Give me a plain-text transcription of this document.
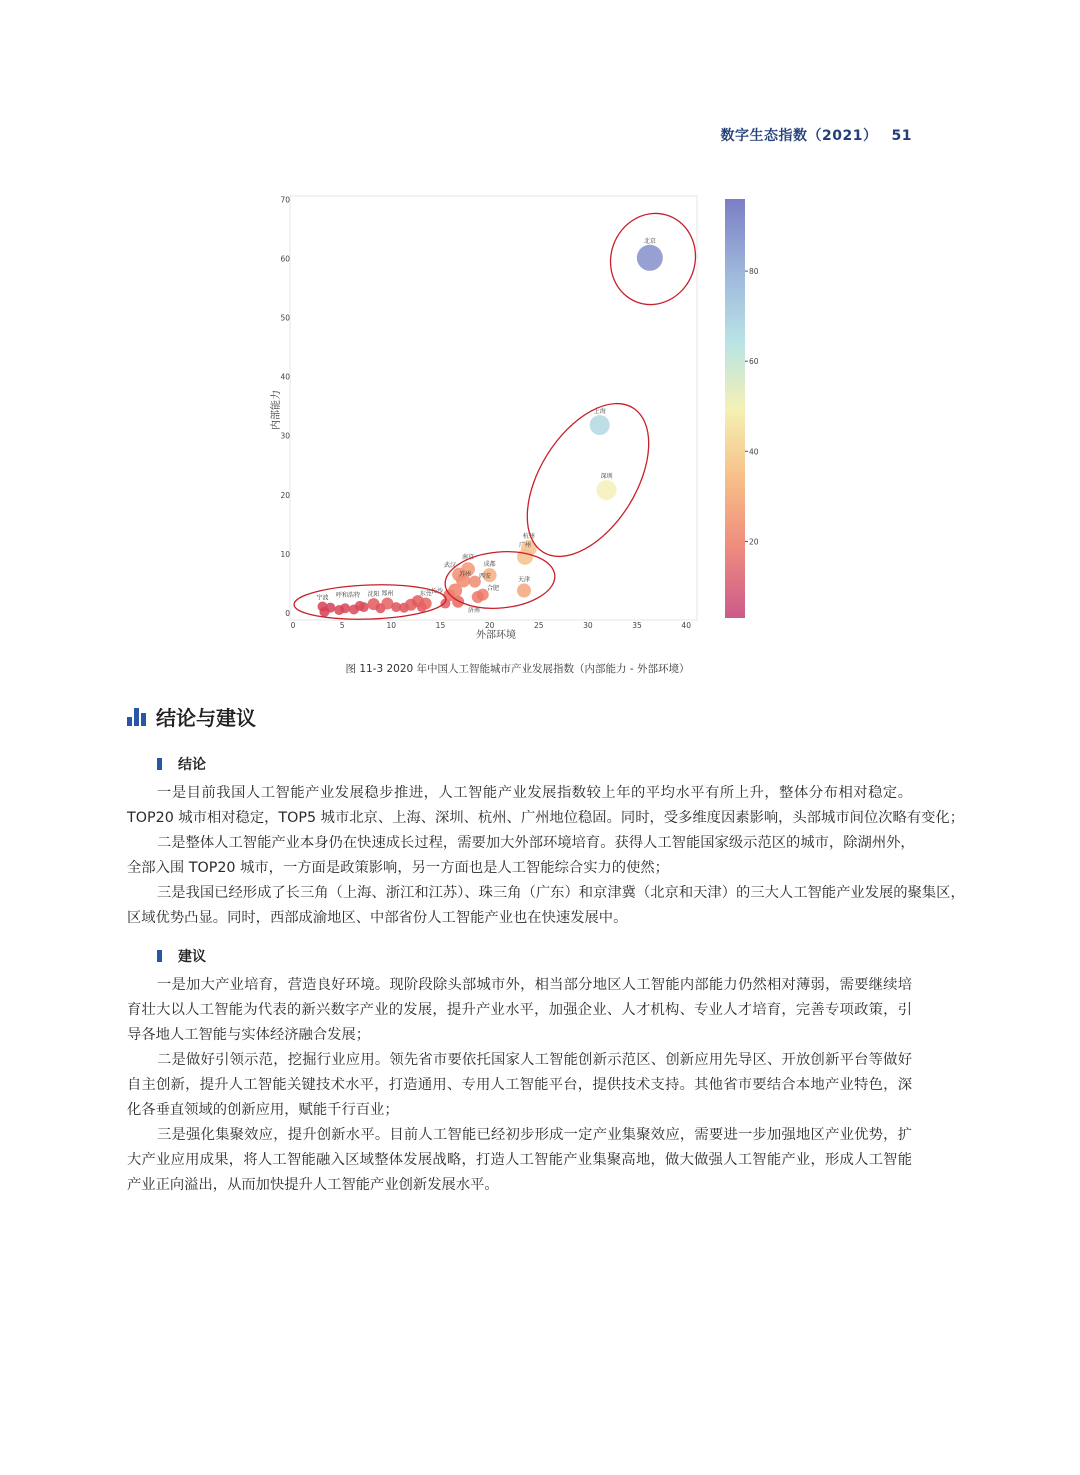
数字生态指数（2021） 51
0	5	10	15	20	25	30	35	40
0
10
20
30
40
50
60
70
外部环境
内部能力
北京
上海
深圳
杭州
广州
成都
天津
南京
武汉
苏州 西安
长沙
济南
合肥
东莞
郑州
沈阳
呼和浩特
宁波
20
40
60
80
图 11-3 2020 年中国人工智能城市产业发展指数（内部能力 - 外部环境）
结论与建议
结论
一是目前我国人工智能产业发展稳步推进，人工智能产业发展指数较上年的平均水平有所上升，整体分布相对稳定。
TOP20 城市相对稳定，TOP5 城市北京、上海、深圳、杭州、广州地位稳固。同时，受多维度因素影响，头部城市间位次略有变化；
二是整体人工智能产业本身仍在快速成长过程，需要加大外部环境培育。获得人工智能国家级示范区的城市，除湖州外，
全部入围 TOP20 城市，一方面是政策影响，另一方面也是人工智能综合实力的使然；
三是我国已经形成了长三角（上海、浙江和江苏）、珠三角（广东）和京津冀（北京和天津）的三大人工智能产业发展的聚集区，
区域优势凸显。同时，西部成渝地区、中部省份人工智能产业也在快速发展中。
建议
一是加大产业培育，营造良好环境。现阶段除头部城市外，相当部分地区人工智能内部能力仍然相对薄弱，需要继续培
育壮大以人工智能为代表的新兴数字产业的发展，提升产业水平，加强企业、人才机构、专业人才培育，完善专项政策，引
导各地人工智能与实体经济融合发展；
二是做好引领示范，挖掘行业应用。领先省市要依托国家人工智能创新示范区、创新应用先导区、开放创新平台等做好
自主创新，提升人工智能关键技术水平，打造通用、专用人工智能平台，提供技术支持。其他省市要结合本地产业特色，深
化各垂直领域的创新应用，赋能千行百业；
三是强化集聚效应，提升创新水平。目前人工智能已经初步形成一定产业集聚效应，需要进一步加强地区产业优势，扩
大产业应用成果，将人工智能融入区域整体发展战略，打造人工智能产业集聚高地，做大做强人工智能产业，形成人工智能
产业正向溢出，从而加快提升人工智能产业创新发展水平。
